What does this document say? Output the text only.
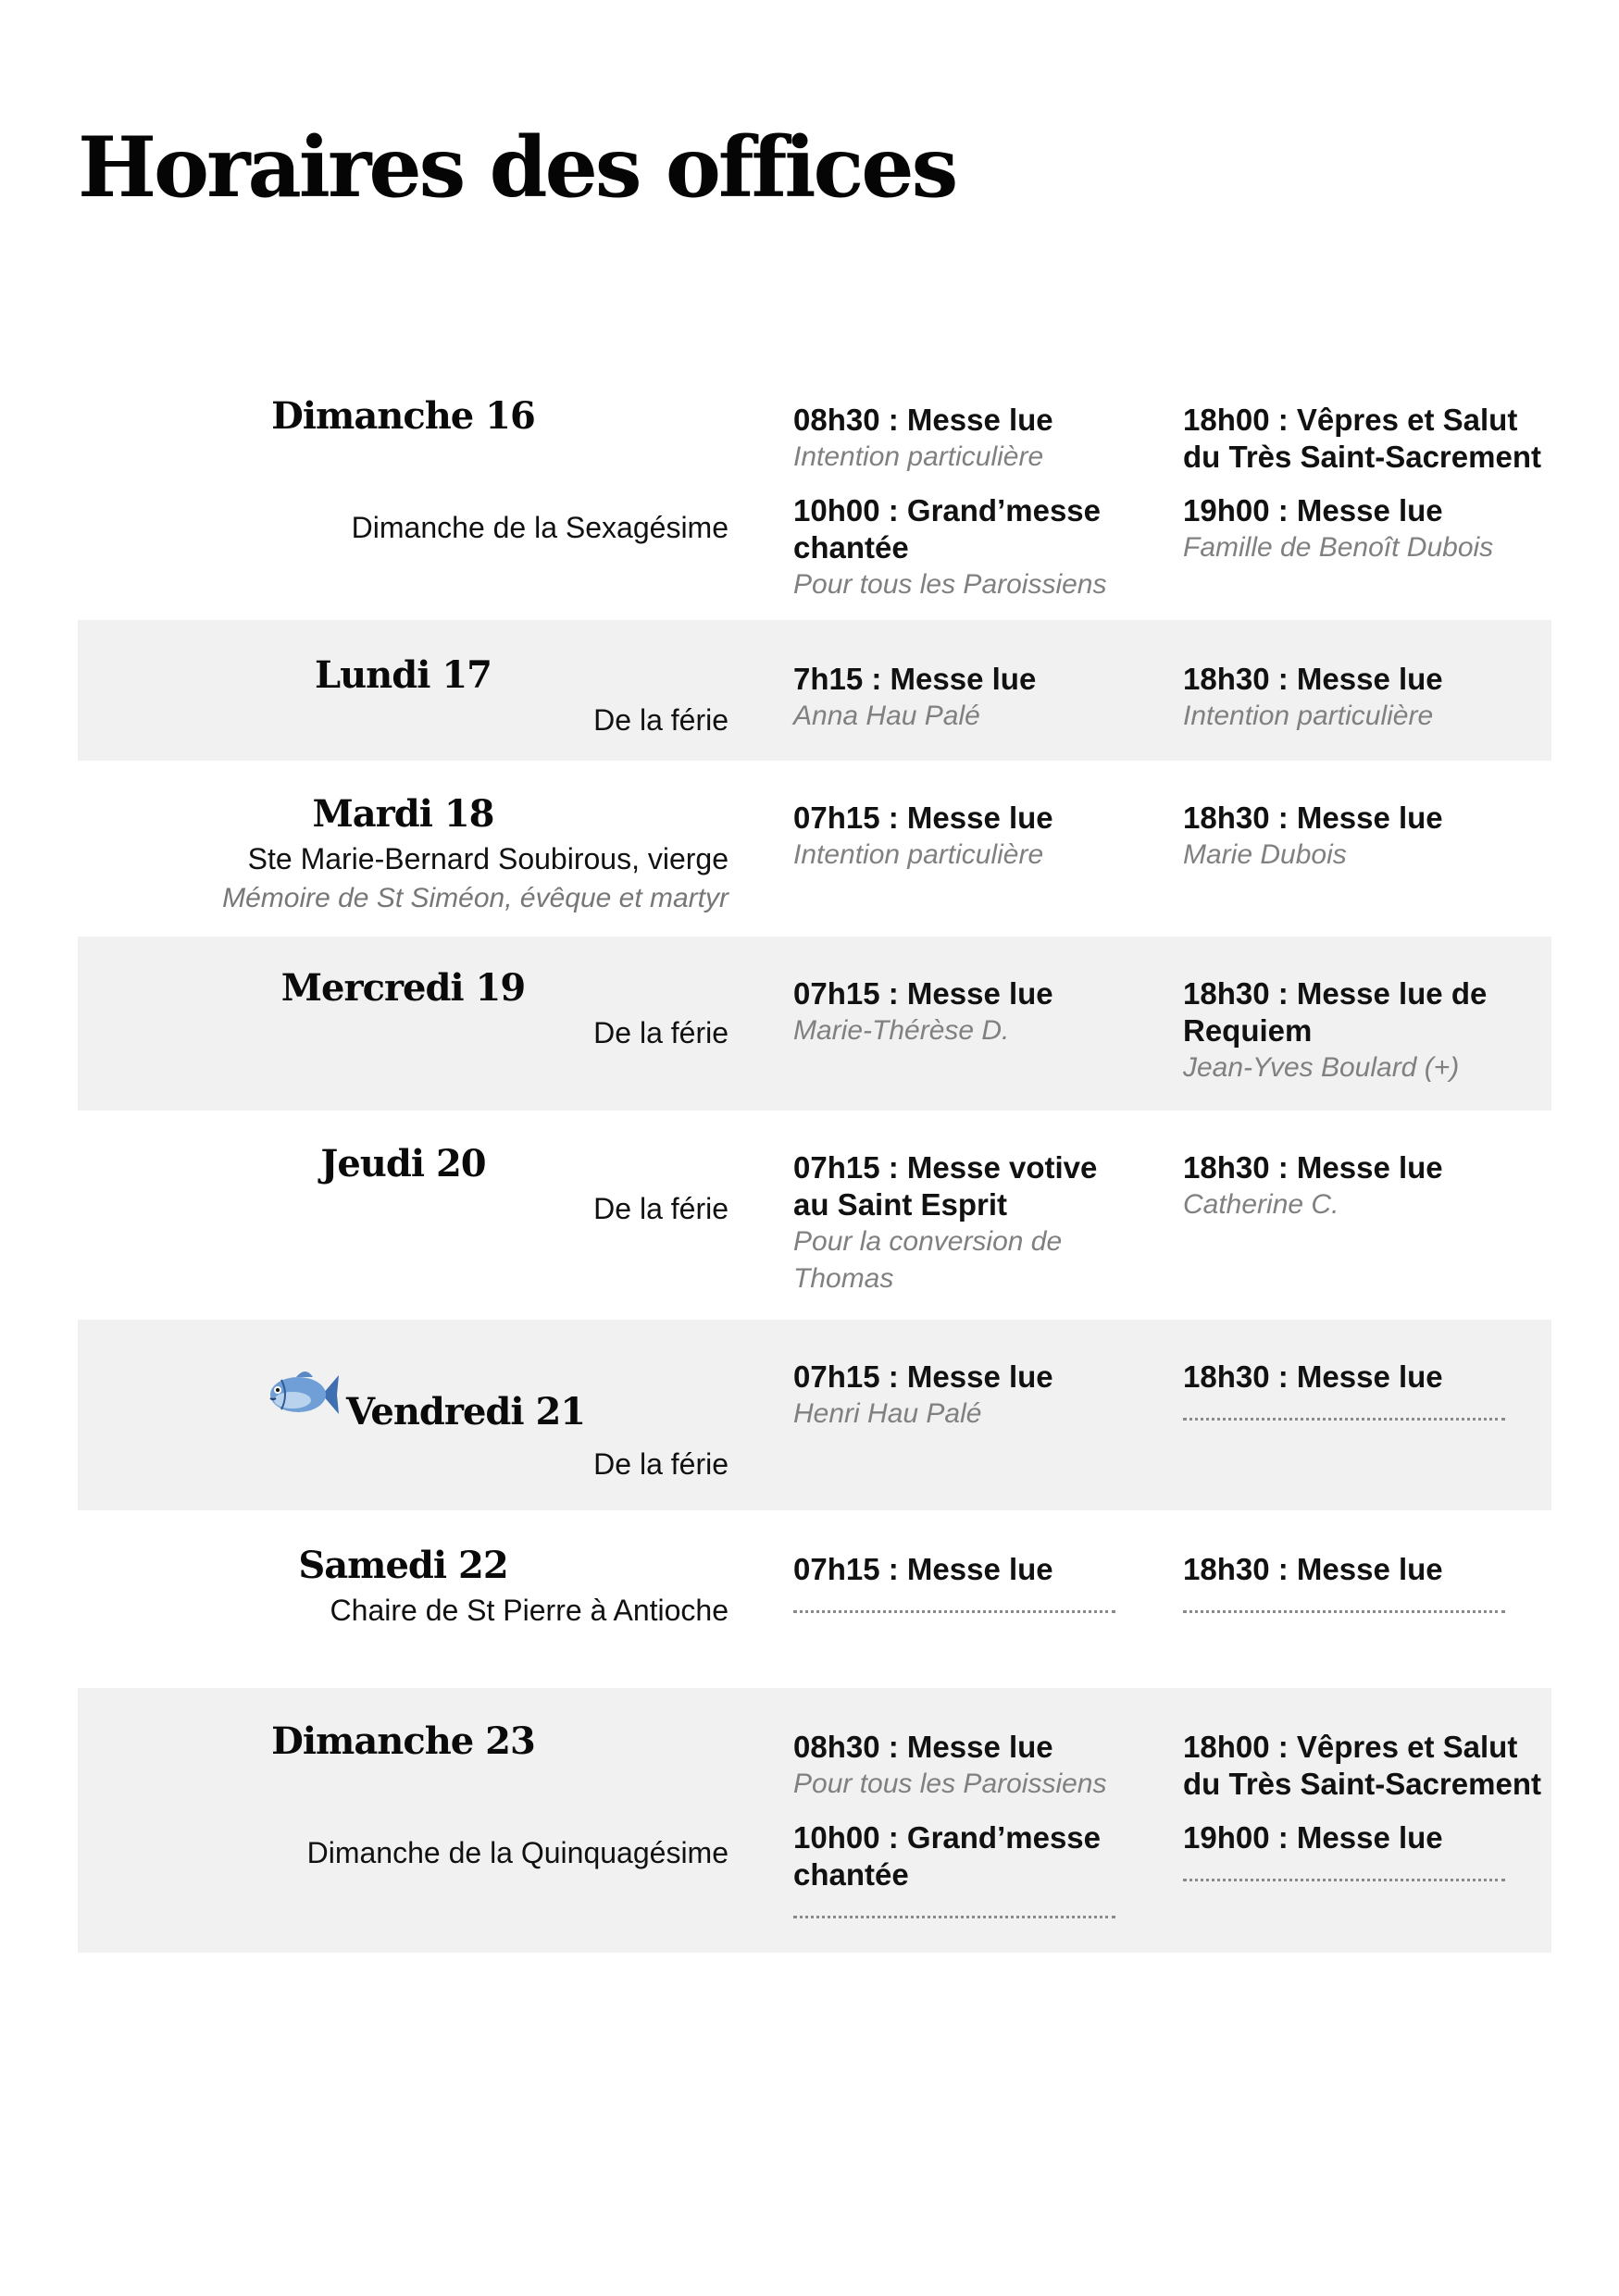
Horaires des offices
Dimanche 16
Dimanche de la Sexagésime
08h30 : Messe lue
Intention particulière
10h00 : Grand’messe chantée
Pour tous les Paroissiens
18h00 : Vêpres et Salut du Très Saint-Sacrement
19h00 : Messe lue
Famille de Benoît Dubois
Lundi 17
De la férie
7h15 : Messe lue
Anna Hau Palé
18h30 : Messe lue
Intention particulière
Mardi 18
Ste Marie-Bernard Soubirous, vierge
Mémoire de St Siméon, évêque et martyr
07h15 : Messe lue
Intention particulière
18h30 : Messe lue
Marie Dubois
Mercredi 19
De la férie
07h15 : Messe lue
Marie-Thérèse D.
18h30 : Messe lue de Requiem
Jean-Yves Boulard (+)
Jeudi 20
De la férie
07h15 : Messe votive au Saint Esprit
Pour la conversion de Thomas
18h30 : Messe lue
Catherine C.
Vendredi 21
De la férie
07h15 : Messe lue
Henri Hau Palé
18h30 : Messe lue
Samedi 22
Chaire de St Pierre à Antioche
07h15 : Messe lue	18h30 : Messe lue
Dimanche 23
Dimanche de la Quinquagésime
08h30 : Messe lue
Pour tous les Paroissiens
10h00 : Grand’messe chantée
18h00 : Vêpres et Salut du Très Saint-Sacrement
19h00 : Messe lue
